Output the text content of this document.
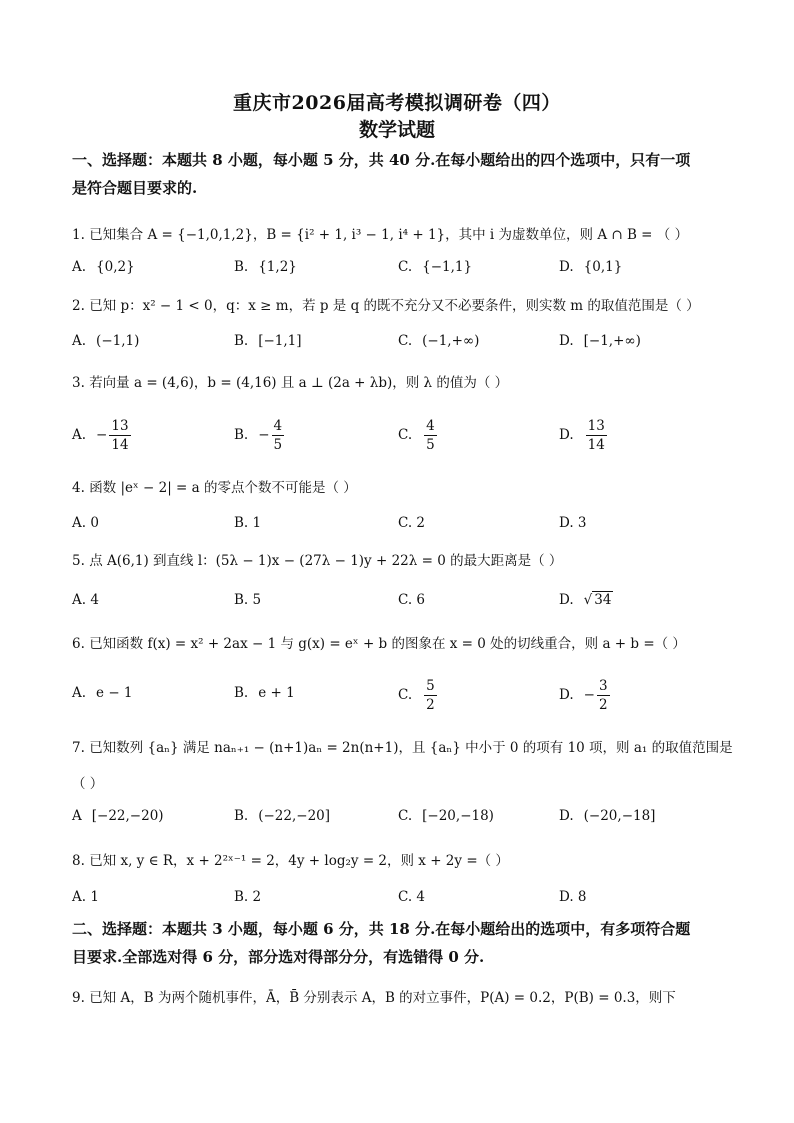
重庆市2026届高考模拟调研卷（四）
数学试题
一、选择题：本题共 8 小题，每小题 5 分，共 40 分.在每小题给出的四个选项中，只有一项
是符合题目要求的.
1. 已知集合 A = {−1,0,1,2}，B = {i² + 1, i³ − 1, i⁴ + 1}，其中 i 为虚数单位，则 A ∩ B = （ ）
A. {0,2}	B. {1,2}	C. {−1,1}	D. {0,1}
2. 已知 p：x² − 1 < 0，q：x ≥ m，若 p 是 q 的既不充分又不必要条件，则实数 m 的取值范围是（ ）
A. (−1,1)	B. [−1,1]	C. (−1,+∞)	D. [−1,+∞)
3. 若向量 a = (4,6)，b = (4,16) 且 a ⊥ (2a + λb)，则 λ 的值为（ ）
A. − $\frac{13}{14}$	B. − $\frac{4}{5}$	C. $\frac{4}{5}$	D. $\frac{13}{14}$
4. 函数 |eˣ − 2| = a 的零点个数不可能是（ ）
A. 0	B. 1	C. 2	D. 3
5. 点 A(6,1) 到直线 l：(5λ − 1)x − (27λ − 1)y + 22λ = 0 的最大距离是（ ）
A. 4	B. 5	C. 6	D. √ 34
6. 已知函数 f(x) = x² + 2ax − 1 与 g(x) = eˣ + b 的图象在 x = 0 处的切线重合，则 a + b =（ ）
A. e − 1	B. e + 1	C. $\frac{5}{2}$	D. − $\frac{3}{2}$
7. 已知数列 {aₙ} 满足 naₙ₊₁ − (n+1)aₙ = 2n(n+1)，且 {aₙ} 中小于 0 的项有 10 项，则 a₁ 的取值范围是
（ ）
A [−22,−20)	B. (−22,−20]	C. [−20,−18)	D. (−20,−18]
8. 已知 x, y ∈ R，x + 2²ˣ⁻¹ = 2，4y + log₂y = 2，则 x + 2y =（ ）
A. 1	B. 2	C. 4	D. 8
二、选择题：本题共 3 小题，每小题 6 分，共 18 分.在每小题给出的选项中，有多项符合题
目要求.全部选对得 6 分，部分选对得部分分，有选错得 0 分.
9. 已知 A，B 为两个随机事件，Ā，B̄ 分别表示 A，B 的对立事件，P(A) = 0.2，P(B) = 0.3，则下
